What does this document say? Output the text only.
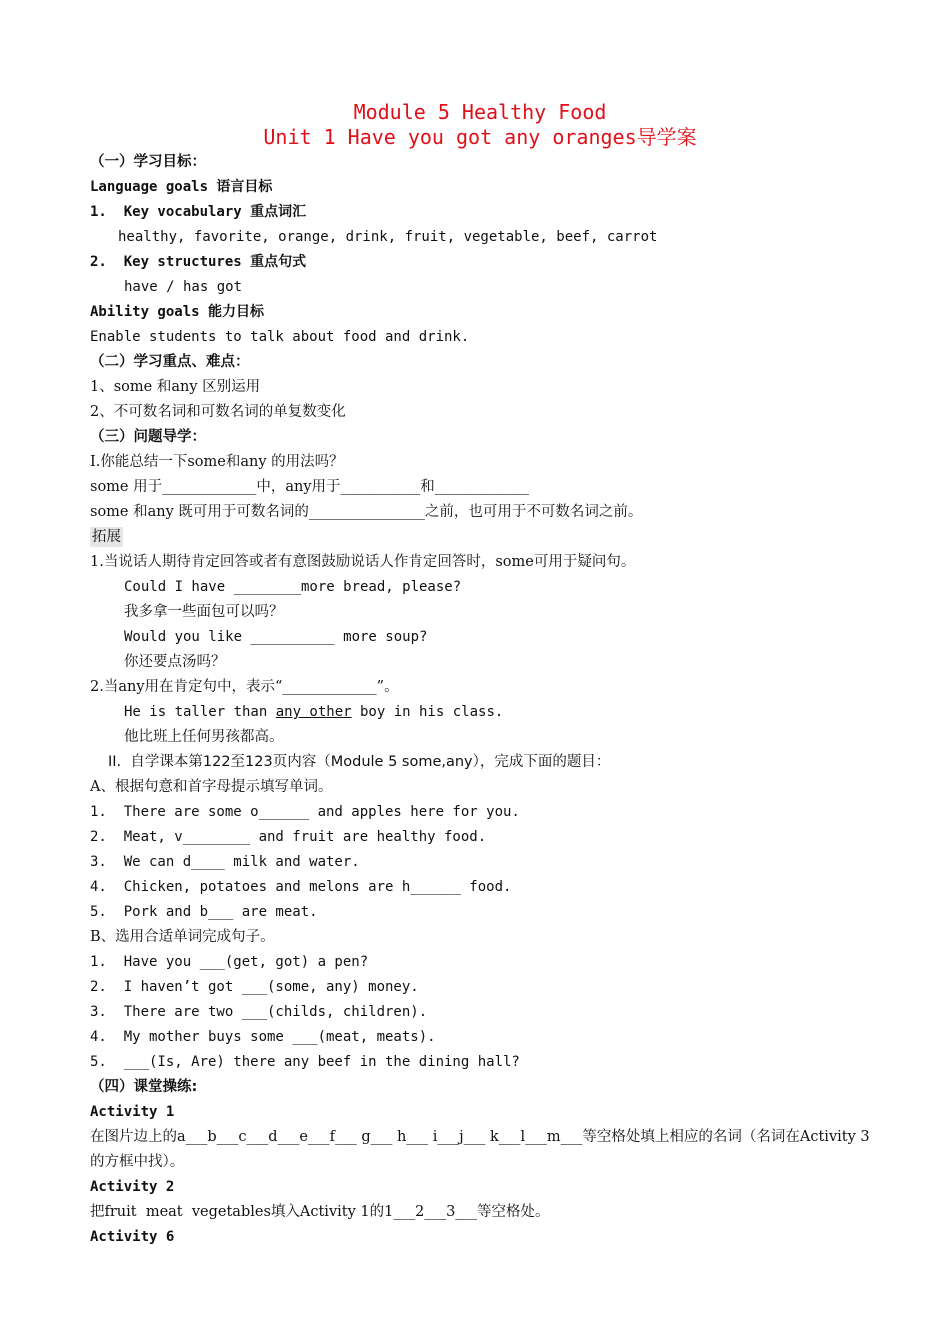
Module 5 Healthy Food
Unit 1 Have you got any oranges导学案
（一）学习目标：
Language goals 语言目标
1.  Key vocabulary 重点词汇
healthy, favorite, orange, drink, fruit, vegetable, beef, carrot
2.  Key structures 重点句式
have / has got
Ability goals 能力目标
Enable students to talk about food and drink.
（二）学习重点、难点：
1、some 和any 区别运用
2、不可数名词和可数名词的单复数变化
（三）问题导学：
I.你能总结一下some和any 的用法吗？
some 用于_____________中，any用于___________和_____________
some 和any 既可用于可数名词的________________之前，也可用于不可数名词之前。
拓展
1.当说话人期待肯定回答或者有意图鼓励说话人作肯定回答时，some可用于疑问句。
Could I have ________more bread, please?
我多拿一些面包可以吗？
Would you like __________ more soup?
你还要点汤吗？
2.当any用在肯定句中，表示“_____________”。
He is taller than any other boy in his class.
他比班上任何男孩都高。
II.  自学课本第122至123页内容（Module 5 some,any），完成下面的题目：
A、根据句意和首字母提示填写单词。
1.  There are some o______ and apples here for you.
2.  Meat, v________ and fruit are healthy food.
3.  We can d____ milk and water.
4.  Chicken, potatoes and melons are h______ food.
5.  Pork and b___ are meat.
B、选用合适单词完成句子。
1.  Have you ___(get, got) a pen?
2.  I haven’t got ___(some, any) money.
3.  There are two ___(childs, children).
4.  My mother buys some ___(meat, meats).
5.  ___(Is, Are) there any beef in the dining hall?
（四）课堂操练:
Activity 1
在图片边上的a___b___c___d___e___f___ g___ h___ i___j___ k___l___m___等空格处填上相应的名词（名词在Activity 3的方框中找）。
Activity 2
把fruit  meat  vegetables填入Activity 1的1___2___3___等空格处。
Activity 6
